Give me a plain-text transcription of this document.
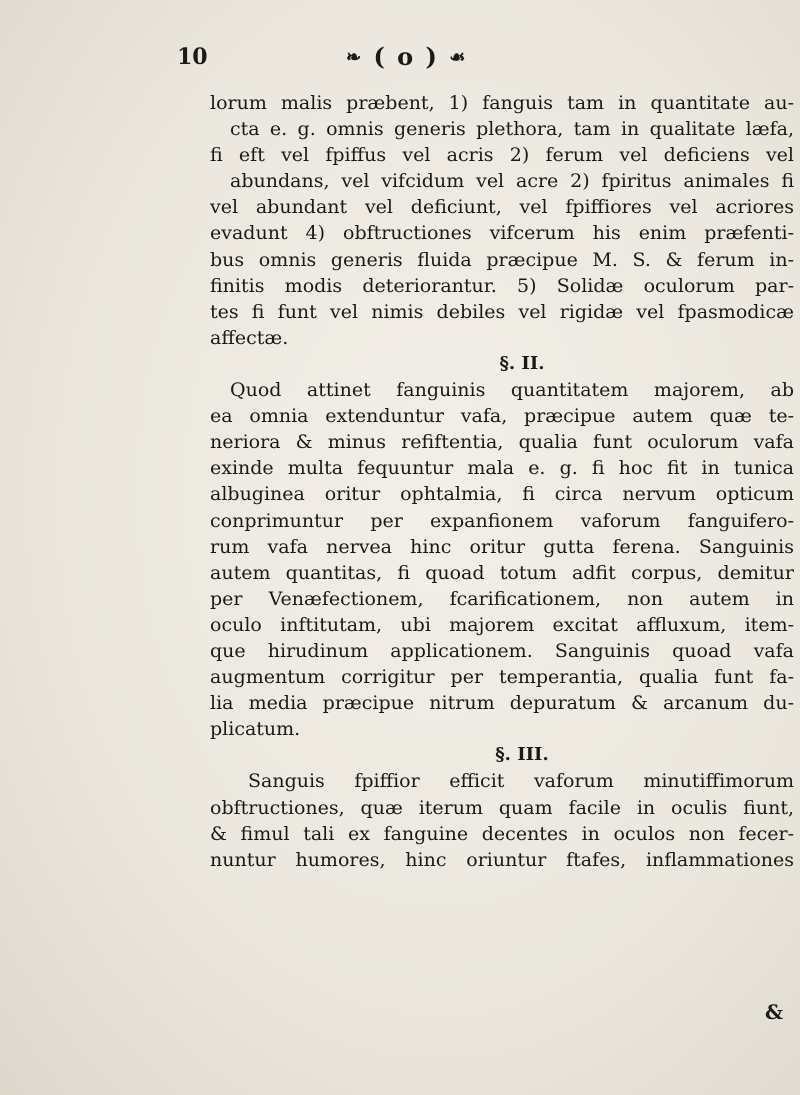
10	❧ ( o ) ☙
lorum malis præbent, 1) fanguis tam in quantitate au-
cta e. g. omnis generis plethora, tam in qualitate læfa,
fi eft vel fpiffus vel acris 2) ferum vel deficiens vel
abundans, vel vifcidum vel acre 2) fpiritus animales fi
vel abundant vel deficiunt, vel fpiffiores vel acriores
evadunt 4) obftructiones vifcerum his enim præfenti-
bus omnis generis fluida præcipue M. S. & ferum in-
finitis modis deteriorantur. 5) Solidæ oculorum par-
tes fi funt vel nimis debiles vel rigidæ vel fpasmodicæ
affectæ.
§. II.
Quod attinet fanguinis quantitatem majorem, ab
ea omnia extenduntur vafa, præcipue autem quæ te-
neriora & minus refiftentia, qualia funt oculorum vafa
exinde multa fequuntur mala e. g. fi hoc fit in tunica
albuginea oritur ophtalmia, fi circa nervum opticum
conprimuntur per expanfionem vaforum fanguifero-
rum vafa nervea hinc oritur gutta ferena. Sanguinis
autem quantitas, fi quoad totum adfit corpus, demitur
per Venæfectionem, fcarificationem, non autem in
oculo inftitutam, ubi majorem excitat affluxum, item-
que hirudinum applicationem. Sanguinis quoad vafa
augmentum corrigitur per temperantia, qualia funt fa-
lia media præcipue nitrum depuratum & arcanum du-
plicatum.
§. III.
Sanguis fpiffior efficit vaforum minutiffimorum
obftructiones, quæ iterum quam facile in oculis fiunt,
& fimul tali ex fanguine decentes in oculos non fecer-
nuntur humores, hinc oriuntur ftafes, inflammationes
&
